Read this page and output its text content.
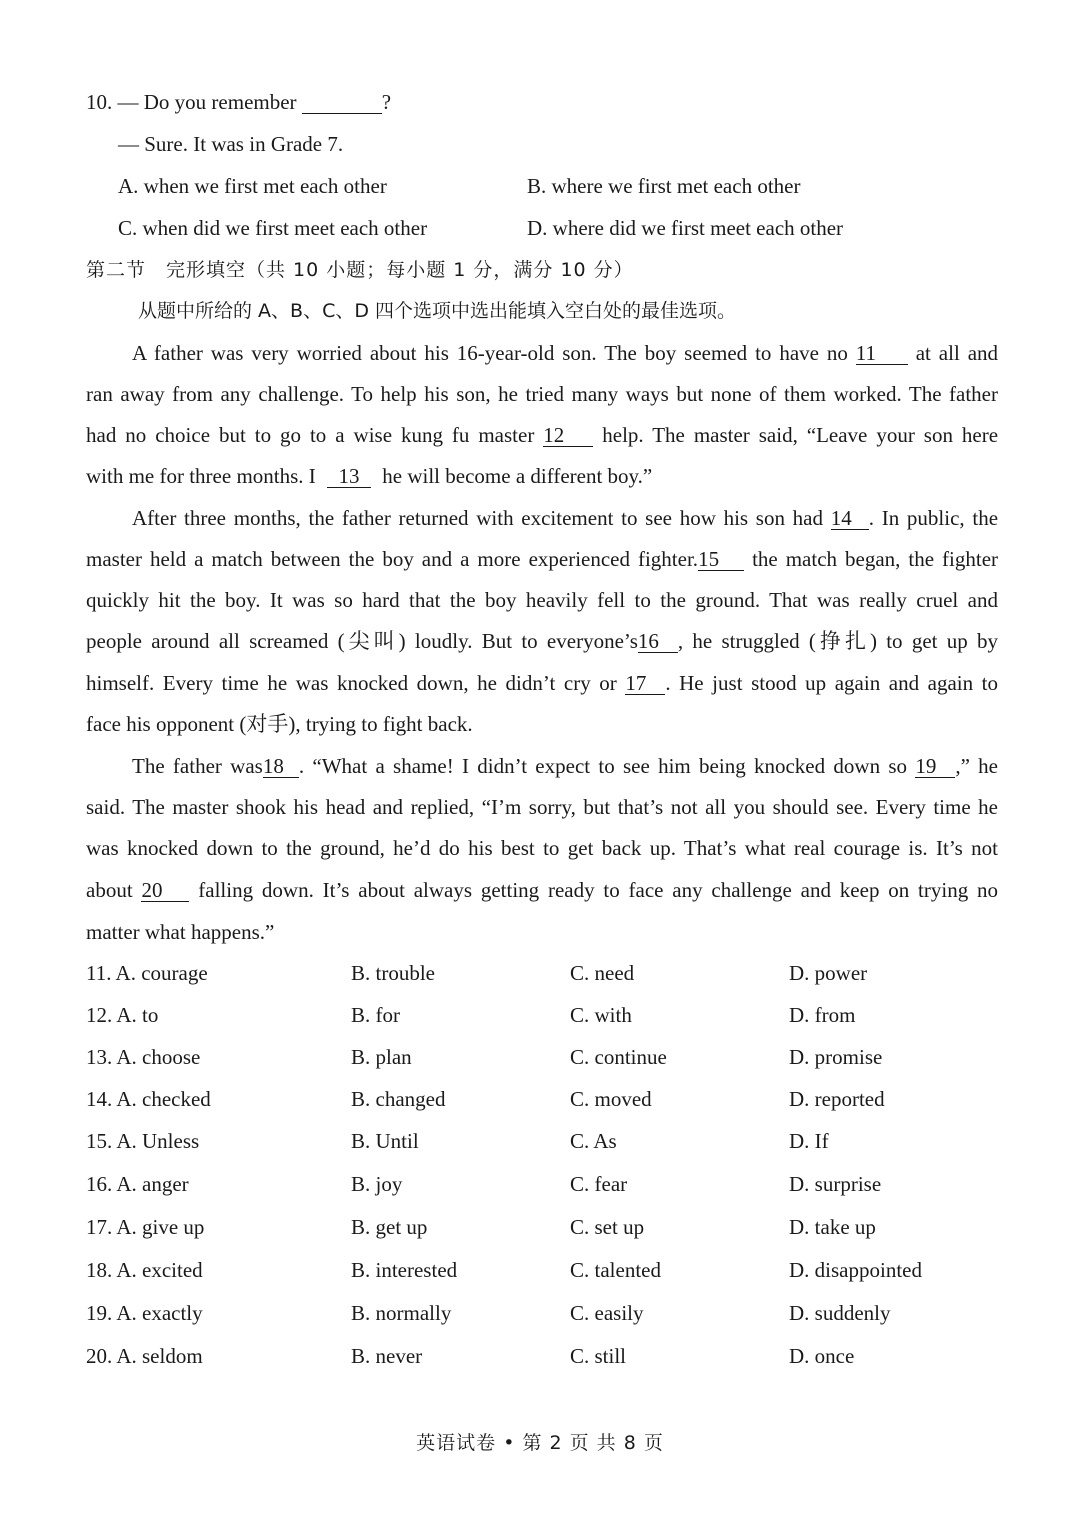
10. — Do you remember	?
— Sure. It was in Grade 7.
A. when we first met each other	B. where we first met each other
C. when did we first meet each other	D. where did we first meet each other
第二节　完形填空（共 10 小题；每小题 1 分，满分 10 分）
从题中所给的 A、B、C、D 四个选项中选出能填入空白处的最佳选项。
A father was very worried about his 16-year-old son. The boy seemed to have no 11 at all and
ran away from any challenge. To help his son, he tried many ways but none of them worked. The father
had no choice but to go to a wise kung fu master 12 help. The master said, “Leave your son here
with me for three months. I 13 he will become a different boy.”
After three months, the father returned with excitement to see how his son had 14 . In public, the
master held a match between the boy and a more experienced fighter.15 the match began, the fighter
quickly hit the boy. It was so hard that the boy heavily fell to the ground. That was really cruel and
people around all screamed (尖叫) loudly. But to everyone’s16 , he struggled (挣扎) to get up by
himself. Every time he was knocked down, he didn’t cry or 17 . He just stood up again and again to
face his opponent (对手), trying to fight back.
The father was18 . “What a shame! I didn’t expect to see him being knocked down so 19 ,” he
said. The master shook his head and replied, “I’m sorry, but that’s not all you should see. Every time he
was knocked down to the ground, he’d do his best to get back up. That’s what real courage is. It’s not
about 20 falling down. It’s about always getting ready to face any challenge and keep on trying no
matter what happens.”
11. A. courage	B. trouble	C. need	D. power
12. A. to	B. for	C. with	D. from
13. A. choose	B. plan	C. continue	D. promise
14. A. checked	B. changed	C. moved	D. reported
15. A. Unless	B. Until	C. As	D. If
16. A. anger	B. joy	C. fear	D. surprise
17. A. give up	B. get up	C. set up	D. take up
18. A. excited	B. interested	C. talented	D. disappointed
19. A. exactly	B. normally	C. easily	D. suddenly
20. A. seldom	B. never	C. still	D. once
英语试卷 • 第 2 页 共 8 页
